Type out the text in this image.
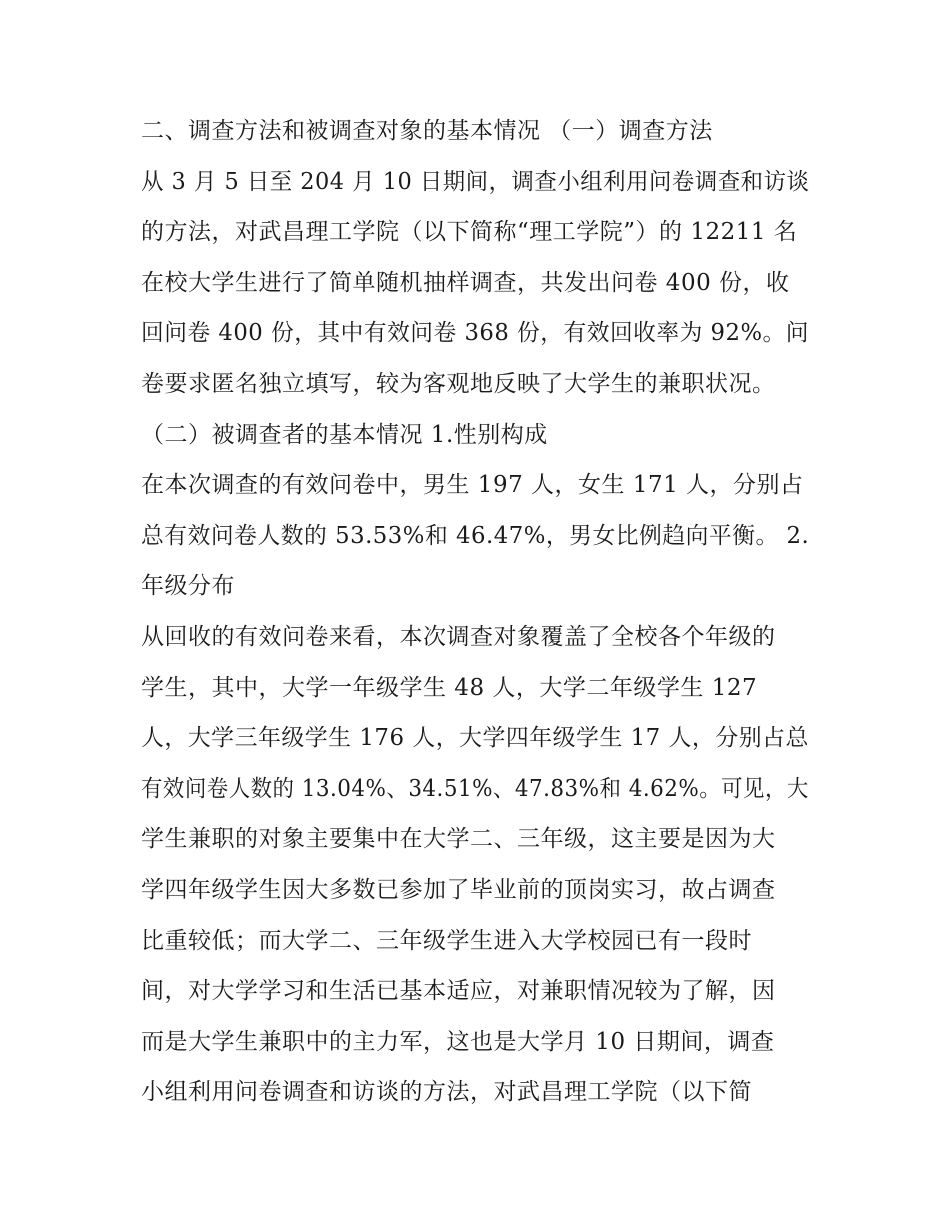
二、调查方法和被调查对象的基本情况 （一）调查方法
从 3 月 5 日至 204 月 10 日期间，调查小组利用问卷调查和访谈
的方法，对武昌理工学院（以下简称“理工学院”）的 12211 名
在校大学生进行了简单随机抽样调查，共发出问卷 400 份，收
回问卷 400 份，其中有效问卷 368 份，有效回收率为 92%。问
卷要求匿名独立填写，较为客观地反映了大学生的兼职状况。
（二）被调查者的基本情况 1.性别构成
在本次调查的有效问卷中，男生 197 人，女生 171 人，分别占
总有效问卷人数的 53.53%和 46.47%，男女比例趋向平衡。 2.
年级分布
从回收的有效问卷来看，本次调查对象覆盖了全校各个年级的
学生，其中，大学一年级学生 48 人，大学二年级学生 127
人，大学三年级学生 176 人，大学四年级学生 17 人，分别占总
有效问卷人数的 13.04%、34.51%、47.83%和 4.62%。可见，大
学生兼职的对象主要集中在大学二、三年级，这主要是因为大
学四年级学生因大多数已参加了毕业前的顶岗实习，故占调查
比重较低；而大学二、三年级学生进入大学校园已有一段时
间，对大学学习和生活已基本适应，对兼职情况较为了解，因
而是大学生兼职中的主力军，这也是大学月 10 日期间，调查
小组利用问卷调查和访谈的方法，对武昌理工学院（以下简
